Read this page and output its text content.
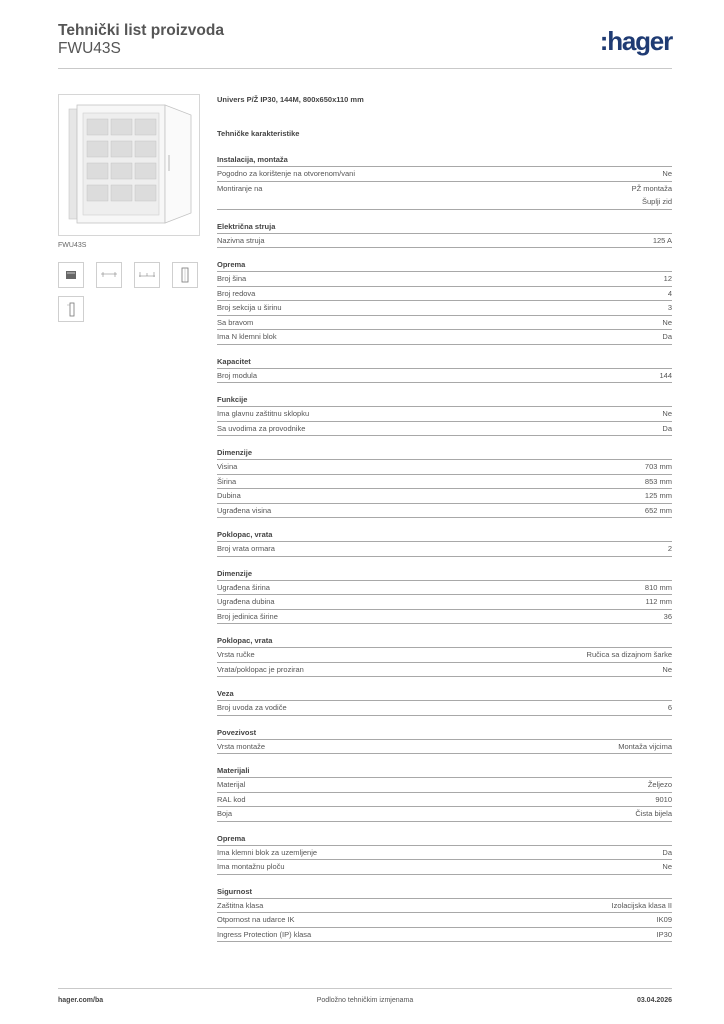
Tehnički list proizvoda
FWU43S	:hager
FWU43S
Univers P/Ž IP30, 144M, 800x650x110 mm
Tehničke karakteristike
Instalacija, montaža
Pogodno za korištenje na otvorenom/vani	Ne
Montiranje na	PŽ montaža
Šuplji zid
Električna struja
Nazivna struja	125 A
Oprema
Broj šina	12
Broj redova	4
Broj sekcija u širinu	3
Sa bravom	Ne
Ima N klemni blok	Da
Kapacitet
Broj modula	144
Funkcije
Ima glavnu zaštitnu sklopku	Ne
Sa uvodima za provodnike	Da
Dimenzije
Visina	703 mm
Širina	853 mm
Dubina	125 mm
Ugrađena visina	652 mm
Poklopac, vrata
Broj vrata ormara	2
Dimenzije
Ugrađena širina	810 mm
Ugrađena dubina	112 mm
Broj jedinica širine	36
Poklopac, vrata
Vrsta ručke	Ručica sa dizajnom šarke
Vrata/poklopac je proziran	Ne
Veza
Broj uvoda za vodiče	6
Povezivost
Vrsta montaže	Montaža vijcima
Materijali
Materijal	Željezo
RAL kod	9010
Boja	Čista bijela
Oprema
Ima klemni blok za uzemljenje	Da
Ima montažnu ploču	Ne
Sigurnost
Zaštitna klasa	Izolacijska klasa II
Otpornost na udarce IK	IK09
Ingress Protection (IP) klasa	IP30
hager.com/ba	Podložno tehničkim izmjenama	03.04.2026
